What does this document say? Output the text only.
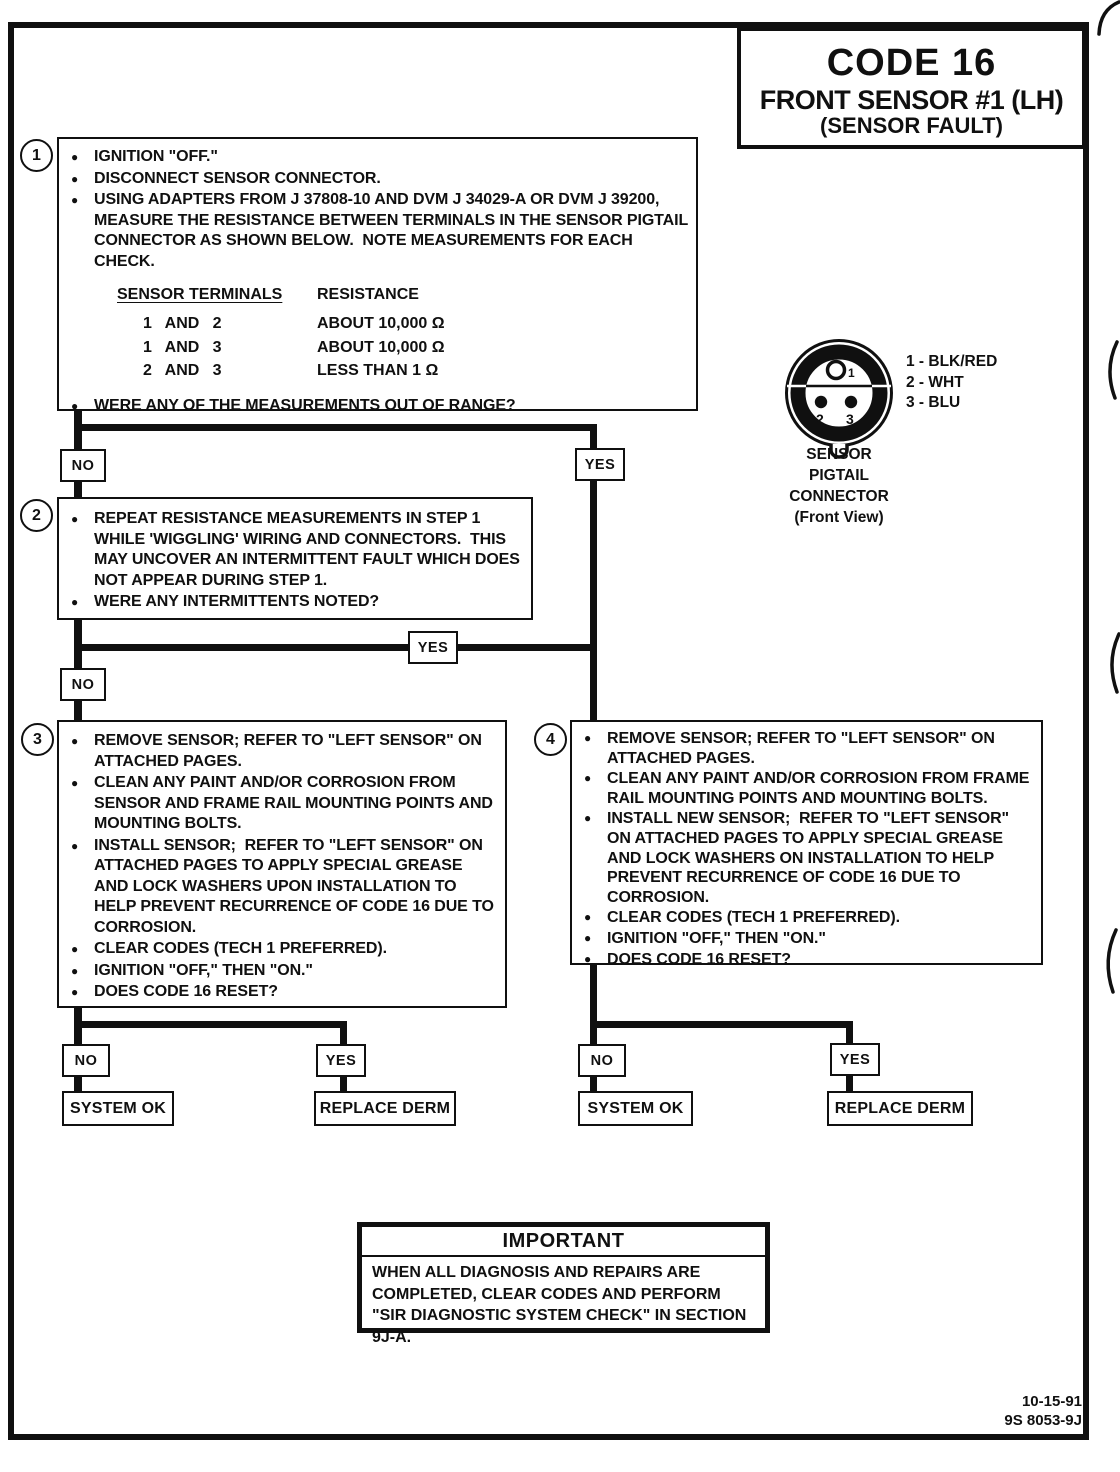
CODE 16
FRONT SENSOR #1 (LH)
(SENSOR FAULT)
1	● IGNITION "OFF."
● DISCONNECT SENSOR CONNECTOR.
● USING ADAPTERS FROM J 37808-10 AND DVM J 34029-A OR DVM J 39200, MEASURE THE RESISTANCE BETWEEN TERMINALS IN THE SENSOR PIGTAIL CONNECTOR AS SHOWN BELOW.  NOTE MEASUREMENTS FOR EACH CHECK.
SENSOR TERMINALS	RESISTANCE
1   AND   2	ABOUT 10,000 Ω
1   AND   3	ABOUT 10,000 Ω
2   AND   3	LESS THAN 1 Ω
● WERE ANY OF THE MEASUREMENTS OUT OF RANGE?
1
2 3
1 - BLK/RED
2 - WHT
3 - BLU
SENSOR
PIGTAIL
CONNECTOR
(Front View)
NO	YES
2	● REPEAT RESISTANCE MEASUREMENTS IN STEP 1 WHILE 'WIGGLING' WIRING AND CONNECTORS.  THIS MAY UNCOVER AN INTERMITTENT FAULT WHICH DOES NOT APPEAR DURING STEP 1.
● WERE ANY INTERMITTENTS NOTED?
YES
NO
3	● REMOVE SENSOR; REFER TO "LEFT SENSOR" ON ATTACHED PAGES.
● CLEAN ANY PAINT AND/OR CORROSION FROM SENSOR AND FRAME RAIL MOUNTING POINTS AND MOUNTING BOLTS.
● INSTALL SENSOR;  REFER TO "LEFT SENSOR" ON ATTACHED PAGES TO APPLY SPECIAL GREASE AND LOCK WASHERS UPON INSTALLATION TO HELP PREVENT RECURRENCE OF CODE 16 DUE TO CORROSION.
● CLEAR CODES (TECH 1 PREFERRED).
● IGNITION "OFF," THEN "ON."
● DOES CODE 16 RESET?
4	● REMOVE SENSOR; REFER TO "LEFT SENSOR" ON ATTACHED PAGES.
● CLEAN ANY PAINT AND/OR CORROSION FROM FRAME RAIL MOUNTING POINTS AND MOUNTING BOLTS.
● INSTALL NEW SENSOR;  REFER TO "LEFT SENSOR" ON ATTACHED PAGES TO APPLY SPECIAL GREASE AND LOCK WASHERS ON INSTALLATION TO HELP PREVENT RECURRENCE OF CODE 16 DUE TO CORROSION.
● CLEAR CODES (TECH 1 PREFERRED).
● IGNITION "OFF," THEN "ON."
● DOES CODE 16 RESET?
NO	YES
SYSTEM OK	REPLACE DERM
NO	YES
SYSTEM OK	REPLACE DERM
IMPORTANT
WHEN ALL DIAGNOSIS AND REPAIRS ARE COMPLETED, CLEAR CODES AND PERFORM "SIR DIAGNOSTIC SYSTEM CHECK" IN SECTION 9J-A.
10-15-91
9S 8053-9J
